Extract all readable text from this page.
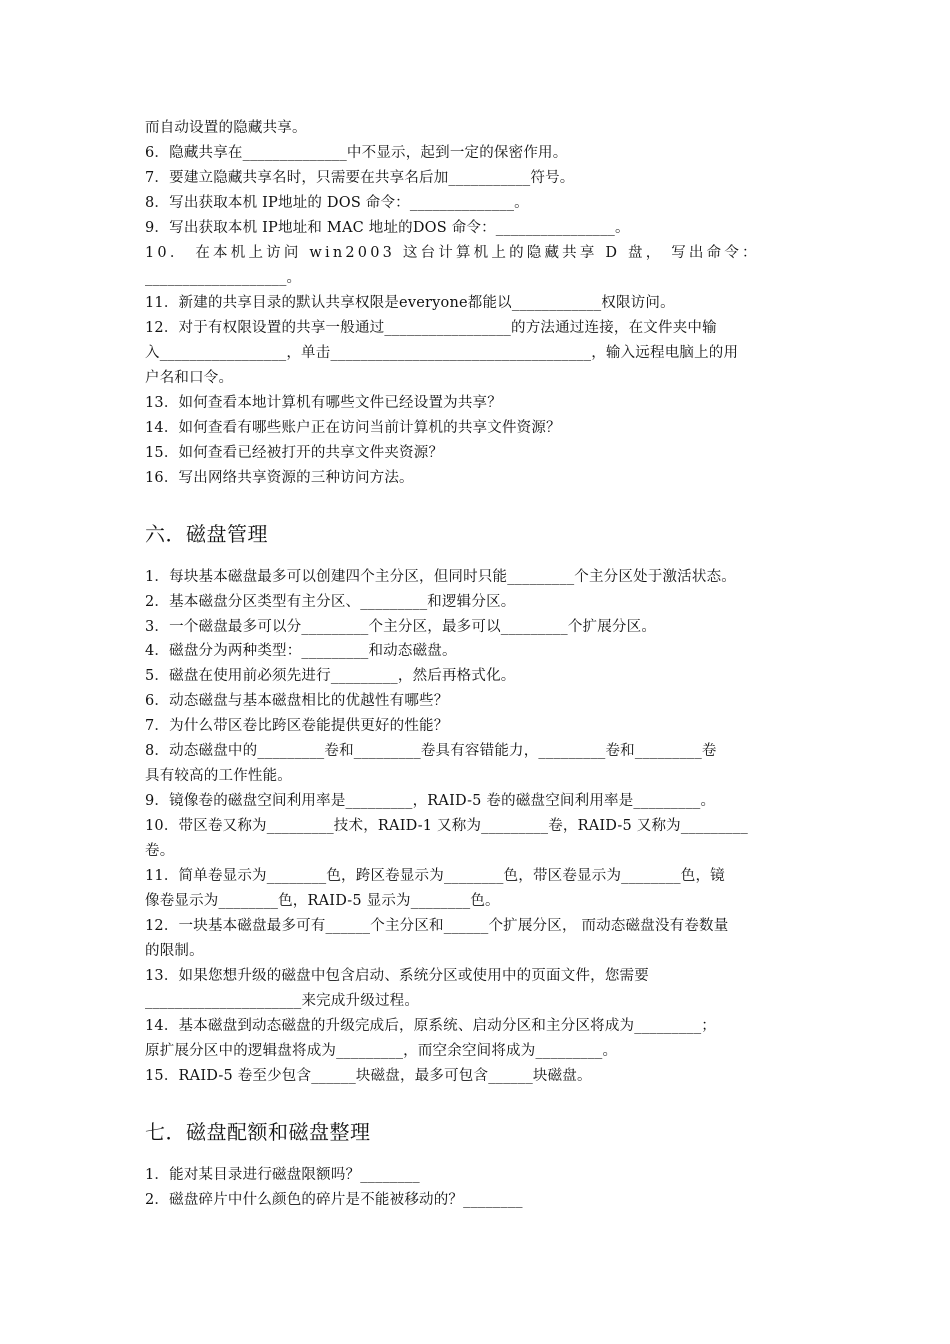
而自动设置的隐藏共享。
6．隐藏共享在______________中不显示，起到一定的保密作用。
7．要建立隐藏共享名时，只需要在共享名后加___________符号。
8．写出获取本机 IP地址的 DOS 命令：______________。
9．写出获取本机 IP地址和 MAC 地址的DOS 命令：________________。
10． 在本机上访问 win2003 这台计算机上的隐藏共享 D 盘， 写出命令：
___________________。
11．新建的共享目录的默认共享权限是everyone都能以____________权限访问。
12．对于有权限设置的共享一般通过_________________的方法通过连接，在文件夹中输
入_________________，单击___________________________________，输入远程电脑上的用
户名和口令。
13．如何查看本地计算机有哪些文件已经设置为共享？
14．如何查看有哪些账户正在访问当前计算机的共享文件资源？
15．如何查看已经被打开的共享文件夹资源？
16．写出网络共享资源的三种访问方法。
六．磁盘管理
1．每块基本磁盘最多可以创建四个主分区，但同时只能_________个主分区处于激活状态。
2．基本磁盘分区类型有主分区、_________和逻辑分区。
3．一个磁盘最多可以分_________个主分区，最多可以_________个扩展分区。
4．磁盘分为两种类型：_________和动态磁盘。
5．磁盘在使用前必须先进行_________，然后再格式化。
6．动态磁盘与基本磁盘相比的优越性有哪些？
7．为什么带区卷比跨区卷能提供更好的性能？
8．动态磁盘中的_________卷和_________卷具有容错能力，_________卷和_________卷
具有较高的工作性能。
9．镜像卷的磁盘空间利用率是_________，RAID-5 卷的磁盘空间利用率是_________。
10．带区卷又称为_________技术，RAID-1 又称为_________卷，RAID-5 又称为_________
卷。
11．简单卷显示为________色，跨区卷显示为________色，带区卷显示为________色，镜
像卷显示为________色，RAID-5 显示为________色。
12．一块基本磁盘最多可有______个主分区和______个扩展分区， 而动态磁盘没有卷数量
的限制。
13．如果您想升级的磁盘中包含启动、系统分区或使用中的页面文件，您需要
_____________________来完成升级过程。
14．基本磁盘到动态磁盘的升级完成后，原系统、启动分区和主分区将成为_________；
原扩展分区中的逻辑盘将成为_________，而空余空间将成为_________。
15．RAID-5 卷至少包含______块磁盘，最多可包含______块磁盘。
七．磁盘配额和磁盘整理
1．能对某目录进行磁盘限额吗？________
2．磁盘碎片中什么颜色的碎片是不能被移动的？________
